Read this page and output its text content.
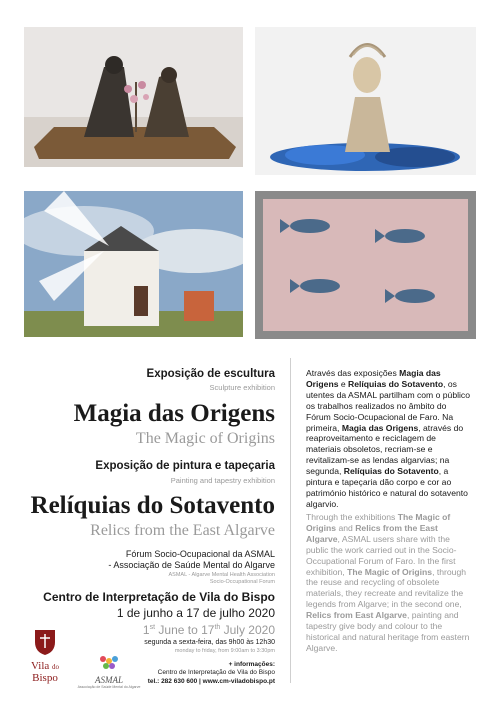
Exposição de escultura
Sculpture exhibition
Magia das Origens
The Magic of Origins
Exposição de pintura e tapeçaria
Painting and tapestry exhibition
Relíquias do Sotavento
Relics from the East Algarve
Fórum Socio-Ocupacional da ASMAL
- Associação de Saúde Mental do Algarve
ASMAL - Algarve Mental Health Association
Socio-Occupational Forum
Centro de Interpretação de Vila do Bispo
1 de junho a 17 de julho 2020
1st June to 17th July 2020
segunda a sexta-feira, das 9h00 às 12h30
monday to friday, from 9:00am to 3:30pm
+ informações:
Centro de Interpretação de Vila do Bispo
tel.: 282 630 600 | www.cm-viladobispo.pt
Através das exposições Magia das Origens e Relíquias do Sotavento, os utentes da ASMAL partilham com o público os trabalhos realizados no âmbito do Fórum Socio-Ocupacional de Faro. Na primeira, Magia das Origens, através do reaproveitamento e reciclagem de materiais obsoletos, recriam-se e revitalizam-se as lendas algarvias; na segunda, Relíquias do Sotavento, a pintura e tapeçaria dão corpo e cor ao património histórico e natural do sotavento algarvio.
Through the exhibitions The Magic of Origins and Relics from the East Algarve, ASMAL users share with the public the work carried out in the Socio-Occupational Forum of Faro. In the first exhibition, The Magic of Origins, through the reuse and recycling of obsolete materials, they recreate and revitalize the legends from Algarve; in the second one, Relics from East Algarve, painting and tapestry give body and colour to the historical and natural heritage from eastern Algarve.
Vila do
Bispo	ASMAL
Associação de Saúde Mental do Algarve
